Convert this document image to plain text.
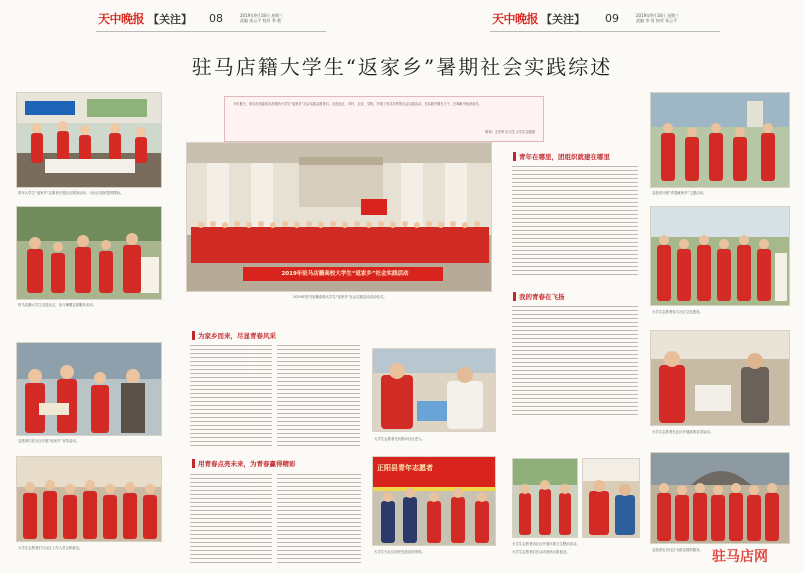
天中晚报 【关注】 08	2019年9月18日 星期三
责编 朱云平 校对 李 艳	天中晚报 【关注】 09	2019年9月18日 星期三
责编 李 琼 校对 朱云平
驻马店籍大学生“返家乡”暑期社会实践综述
青年大学生“返家乡”志愿者开展社区服务活动，为社区居民提供帮助。
驻马店籍大学生走进社区，参与暑期志愿服务活动。
志愿者们在社区开展“返家乡”宣传活动。
大学生志愿者们与社区工作人员合影留念。
今年夏天，来自市团委和各高校的大学生“返家乡”社会实践志愿者们，走进社区、乡村、企业、学校，开展了形式多样的社会实践活动，在实践中增长才干，在奉献中收获成长。
策划：王东风 实习生 大学生实践团
2019年驻马店籍高校大学生“返家乡”社会实践活动
2019年驻马店籍高校大学生“返家乡”社会实践活动启动仪式。
为家乡而来，尽显青春风采
大学生志愿者走访慰问社区老人。
用青春点亮未来，为青春赢得精彩	正阳县青年志愿者
大学生为社区居民发放宣传资料。
青年在哪里，团组织就建在哪里
我的青春在飞扬
大学生志愿者到社区开展环境卫生整治活动。
志愿者开展“青春献家乡”主题活动。
大学生志愿者参与社区文化建设。
大学生志愿者在社区开展政策宣讲活动。
志愿者走访社区为群众提供服务。
大学生志愿者们在活动现场合影留念。	驻马店网
